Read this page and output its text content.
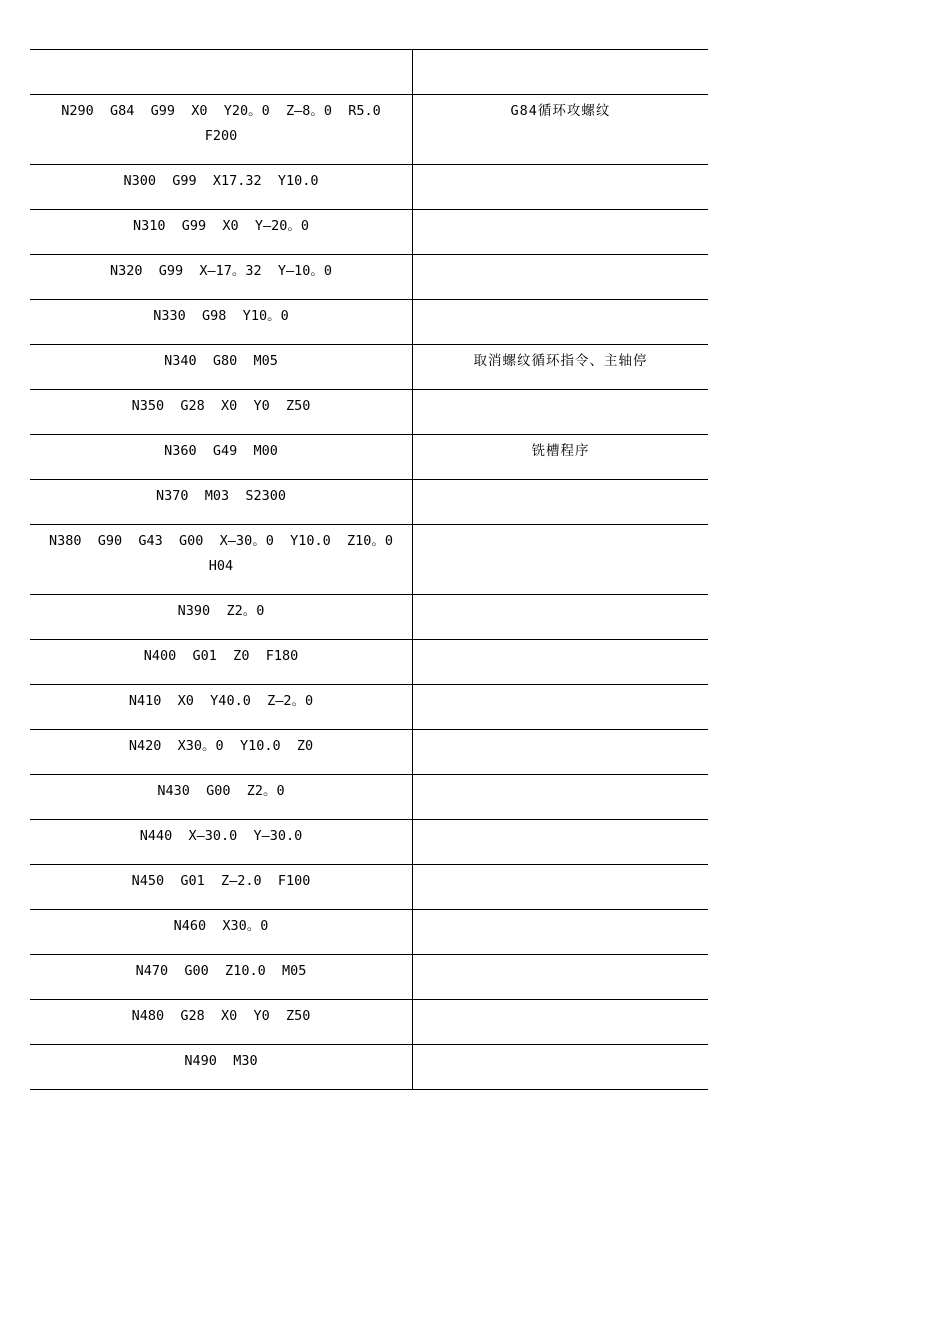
N290  G84  G99  X0  Y20。0  Z—8。0  R5.0
F200	G84循环攻螺纹
N300  G99  X17.32  Y10.0	
N310  G99  X0  Y—20。0	
N320  G99  X—17。32  Y—10。0	
N330  G98  Y10。0	
N340  G80  M05	取消螺纹循环指令、主轴停
N350  G28  X0  Y0  Z50	
N360  G49  M00	铣槽程序
N370  M03  S2300	
N380  G90  G43  G00  X—30。0  Y10.0  Z10。0
H04	
N390  Z2。0	
N400  G01  Z0  F180	
N410  X0  Y40.0  Z—2。0	
N420  X30。0  Y10.0  Z0	
N430  G00  Z2。0	
N440  X—30.0  Y—30.0	
N450  G01  Z—2.0  F100	
N460  X30。0	
N470  G00  Z10.0  M05	
N480  G28  X0  Y0  Z50	
N490  M30	
